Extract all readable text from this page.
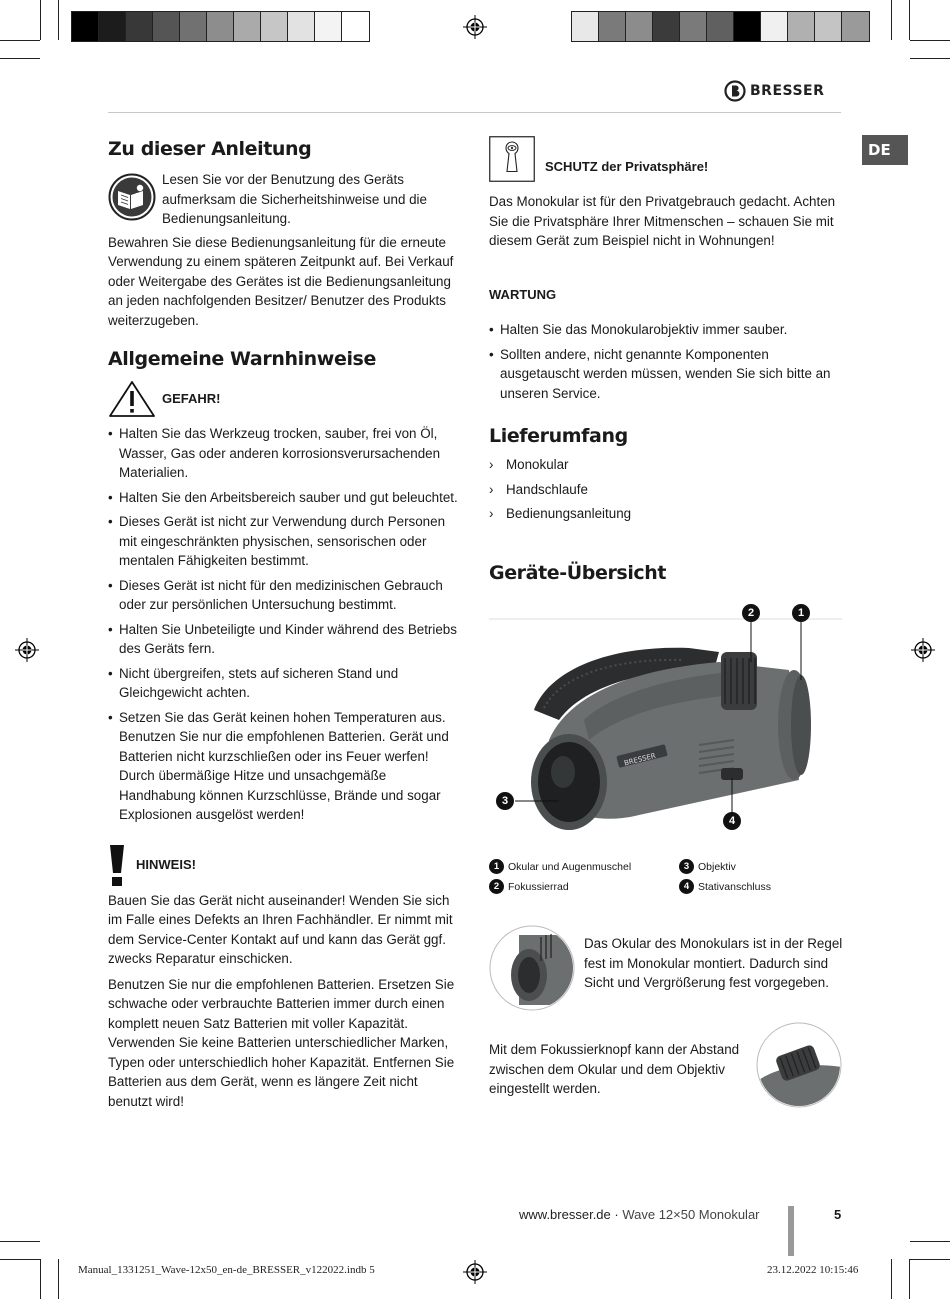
BRESSER
DE
Zu dieser Anleitung

Lesen Sie vor der Benutzung des Geräts aufmerksam die Sicherheitshinweise und die Bedienungsanleitung.

Bewahren Sie diese Bedienungsanleitung für die erneute Verwendung zu einem späteren Zeitpunkt auf. Bei Verkauf oder Weitergabe des Gerätes ist die Bedienungsanleitung an jeden nachfolgenden Besitzer/ Benutzer des Produkts weiterzugeben.

Allgemeine Warnhinweise
GEFAHR!
• Halten Sie das Werkzeug trocken, sauber, frei von Öl, Wasser, Gas oder anderen korrosionsverursachenden Materialien.
• Halten Sie den Arbeitsbereich sauber und gut beleuchtet.
• Dieses Gerät ist nicht zur Verwendung durch Personen mit eingeschränkten physischen, sensorischen oder mentalen Fähigkeiten bestimmt.
• Dieses Gerät ist nicht für den medizinischen Gebrauch oder zur persönlichen Untersuchung bestimmt.
• Halten Sie Unbeteiligte und Kinder während des Betriebs des Geräts fern.
• Nicht übergreifen, stets auf sicheren Stand und Gleichgewicht achten.
• Setzen Sie das Gerät keinen hohen Temperaturen aus. Benutzen Sie nur die empfohlenen Batterien. Gerät und Batterien nicht kurzschließen oder ins Feuer werfen! Durch übermäßige Hitze und unsachgemäße Handhabung können Kurzschlüsse, Brände und sogar Explosionen ausgelöst werden!
HINWEIS!

Bauen Sie das Gerät nicht auseinander! Wenden Sie sich im Falle eines Defekts an Ihren Fachhändler. Er nimmt mit dem Service-Center Kontakt auf und kann das Gerät ggf. zwecks Reparatur einschicken.

Benutzen Sie nur die empfohlenen Batterien. Ersetzen Sie schwache oder verbrauchte Batterien immer durch einen komplett neuen Satz Batterien mit voller Kapazität. Verwenden Sie keine Batterien unterschiedlicher Marken, Typen oder unterschiedlich hoher Kapazität. Entfernen Sie Batterien aus dem Gerät, wenn es längere Zeit nicht benutzt wird!

SCHUTZ der Privatsphäre!

Das Monokular ist für den Privatgebrauch gedacht. Achten Sie die Privatsphäre Ihrer Mitmenschen – schauen Sie mit diesem Gerät zum Beispiel nicht in Wohnungen!

WARTUNG
• Halten Sie das Monokularobjektiv immer sauber.
• Sollten andere, nicht genannte Komponenten ausgetauscht werden müssen, wenden Sie sich bitte an unseren Service.
Lieferumfang
› Monokular
› Handschlaufe
› Bedienungsanleitung
Geräte-Übersicht
BRESSER
1
2
3
4
1 Okular und Augenmuschel	3 Objektiv
2 Fokussierrad	4 Stativanschluss

Das Okular des Monokulars ist in der Regel fest im Monokular montiert. Dadurch sind Sicht und Vergrößerung fest vorgegeben.

Mit dem Fokussierknopf kann der Abstand zwischen dem Okular und dem Objektiv eingestellt werden.

www.bresser.de · Wave 12×50 Monokular	5
Manual_1331251_Wave-12x50_en-de_BRESSER_v122022.indb 5	23.12.2022 10:15:46
